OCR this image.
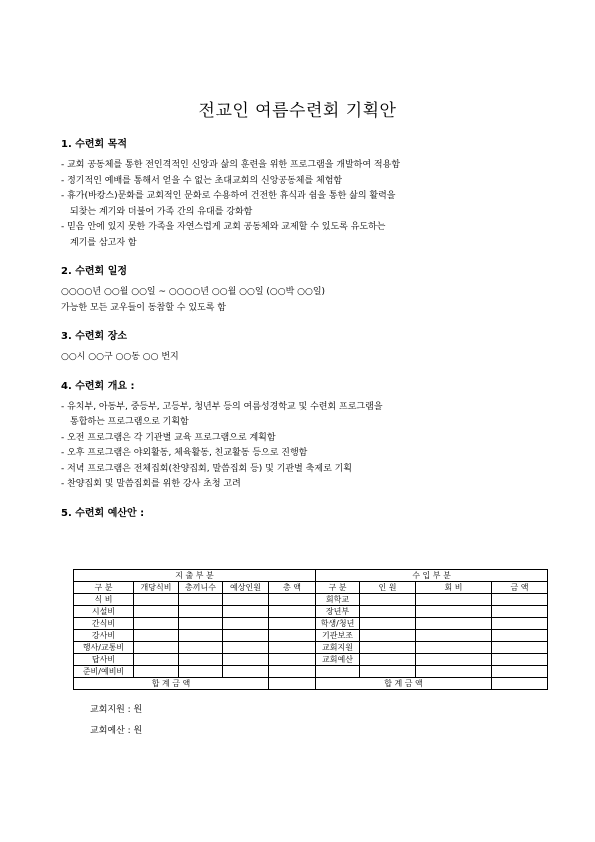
전교인 여름수련회 기획안
1. 수련회 목적
- 교회 공동체를 통한 전인격적인 신앙과 삶의 훈련을 위한 프로그램을 개발하여 적용함
- 정기적인 예배를 통해서 얻을 수 없는 초대교회의 신앙공동체를 체험함
- 휴가(바캉스)문화를 교회적인 문화로 수용하여 건전한 휴식과 쉼을 통한 삶의 활력을
되찾는 계기와 더불어 가족 간의 유대를 강화함
- 믿음 안에 있지 못한 가족을 자연스럽게 교회 공동체와 교제할 수 있도록 유도하는
계기를 삼고자 함
2. 수련회 일정
○○○○년 ○○월 ○○일 ~ ○○○○년 ○○월 ○○일 (○○박 ○○일)
가능한 모든 교우들이 동참할 수 있도록 함
3. 수련회 장소
○○시 ○○구 ○○동 ○○ 번지
4. 수련회 개요 :
- 유치부, 아동부, 중등부, 고등부, 청년부 등의 여름성경학교 및 수련회 프로그램을
통합하는 프로그램으로 기획함
- 오전 프로그램은 각 기관별 교육 프로그램으로 계획함
- 오후 프로그램은 야외활동, 체육활동, 친교활동 등으로 진행함
- 저녁 프로그램은 전체집회(찬양집회, 말씀집회 등) 및 기관별 축제로 기획
- 찬양집회 및 말씀집회를 위한 강사 초청 고려
5. 수련회 예산안 :
지 출 부 분					수 입 부 분			
구 분	개당식비	총끼니수	예상인원	총 액	구 분	인 원	회 비	금 액
식 비					회학교			
시설비					장년부			
간식비					학생/청년			
강사비					기관보조			
행사/교통비					교회지원			
답사비					교회예산			
준비/예비비								
합 계 금 액					합 계 금 액			
교회지원 : 원
교회예산 : 원
